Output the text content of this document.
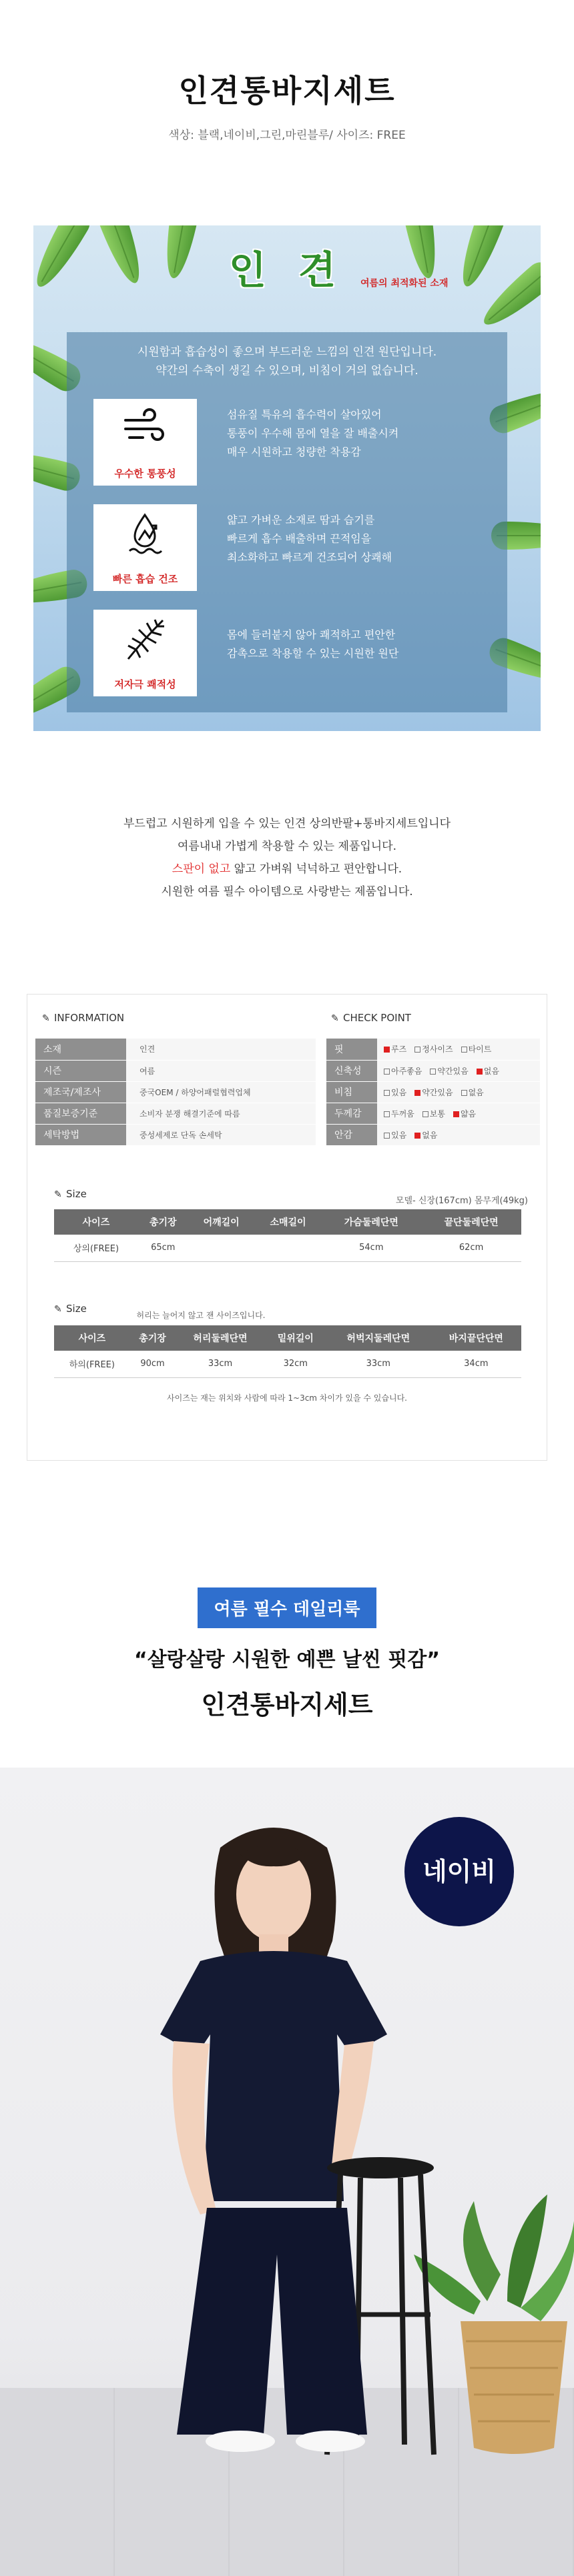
인견통바지세트
색상: 블랙,네이비,그린,마린블루/ 사이즈: FREE
인 견	여름의 최적화된 소재
시원함과 흡습성이 좋으며 부드러운 느낌의 인견 원단입니다.
약간의 수축이 생길 수 있으며, 비침이 거의 없습니다.
우수한 통풍성
섬유질 특유의 흡수력이 살아있어
통풍이 우수해 몸에 열을 잘 배출시켜
매우 시원하고 청량한 착용감
빠른 흡습 건조
얇고 가벼운 소재로 땀과 습기를
빠르게 흡수 배출하며 끈적임을
최소화하고 빠르게 건조되어 상쾌해
저자극 쾌적성
몸에 들러붙지 않아 쾌적하고 편안한
감촉으로 착용할 수 있는 시원한 원단
부드럽고 시원하게 입을 수 있는 인견 상의반팔+통바지세트입니다
여름내내 가볍게 착용할 수 있는 제품입니다.
스판이 없고 얇고 가벼워 넉넉하고 편안합니다.
시원한 여름 필수 아이템으로 사랑받는 제품입니다.
✎ INFORMATION	✎ CHECK POINT
소재	인견
시즌	여름
제조국/제조사	중국OEM / 하양어패럴협력업체
품질보증기준	소비자 분쟁 해결기준에 따름
세탁방법	중성세제로 단독 손세탁
핏	루즈 정사이즈 타이트
신축성	아주좋음 약간있음 없음
비침	있음 약간있음 없음
두께감	두꺼움 보통 얇음
안감	있음 없음
✎ Size
모델- 신장(167cm) 몸무게(49kg)
사이즈	총기장	어깨길이	소매길이	가슴둘레단면	끝단둘레단면
상의(FREE)	65cm			54cm	62cm
✎ Size
허리는 늘어지 않고 잰 사이즈입니다.
사이즈	총기장	허리둘레단면	밑위길이	허벅지둘레단면	바지끝단단면
하의(FREE)	90cm	33cm	32cm	33cm	34cm
사이즈는 재는 위치와 사람에 따라 1~3cm 차이가 있을 수 있습니다.
여름 필수 데일리룩
“살랑살랑 시원한 예쁜 날씬 핏감”
인견통바지세트
네이비
